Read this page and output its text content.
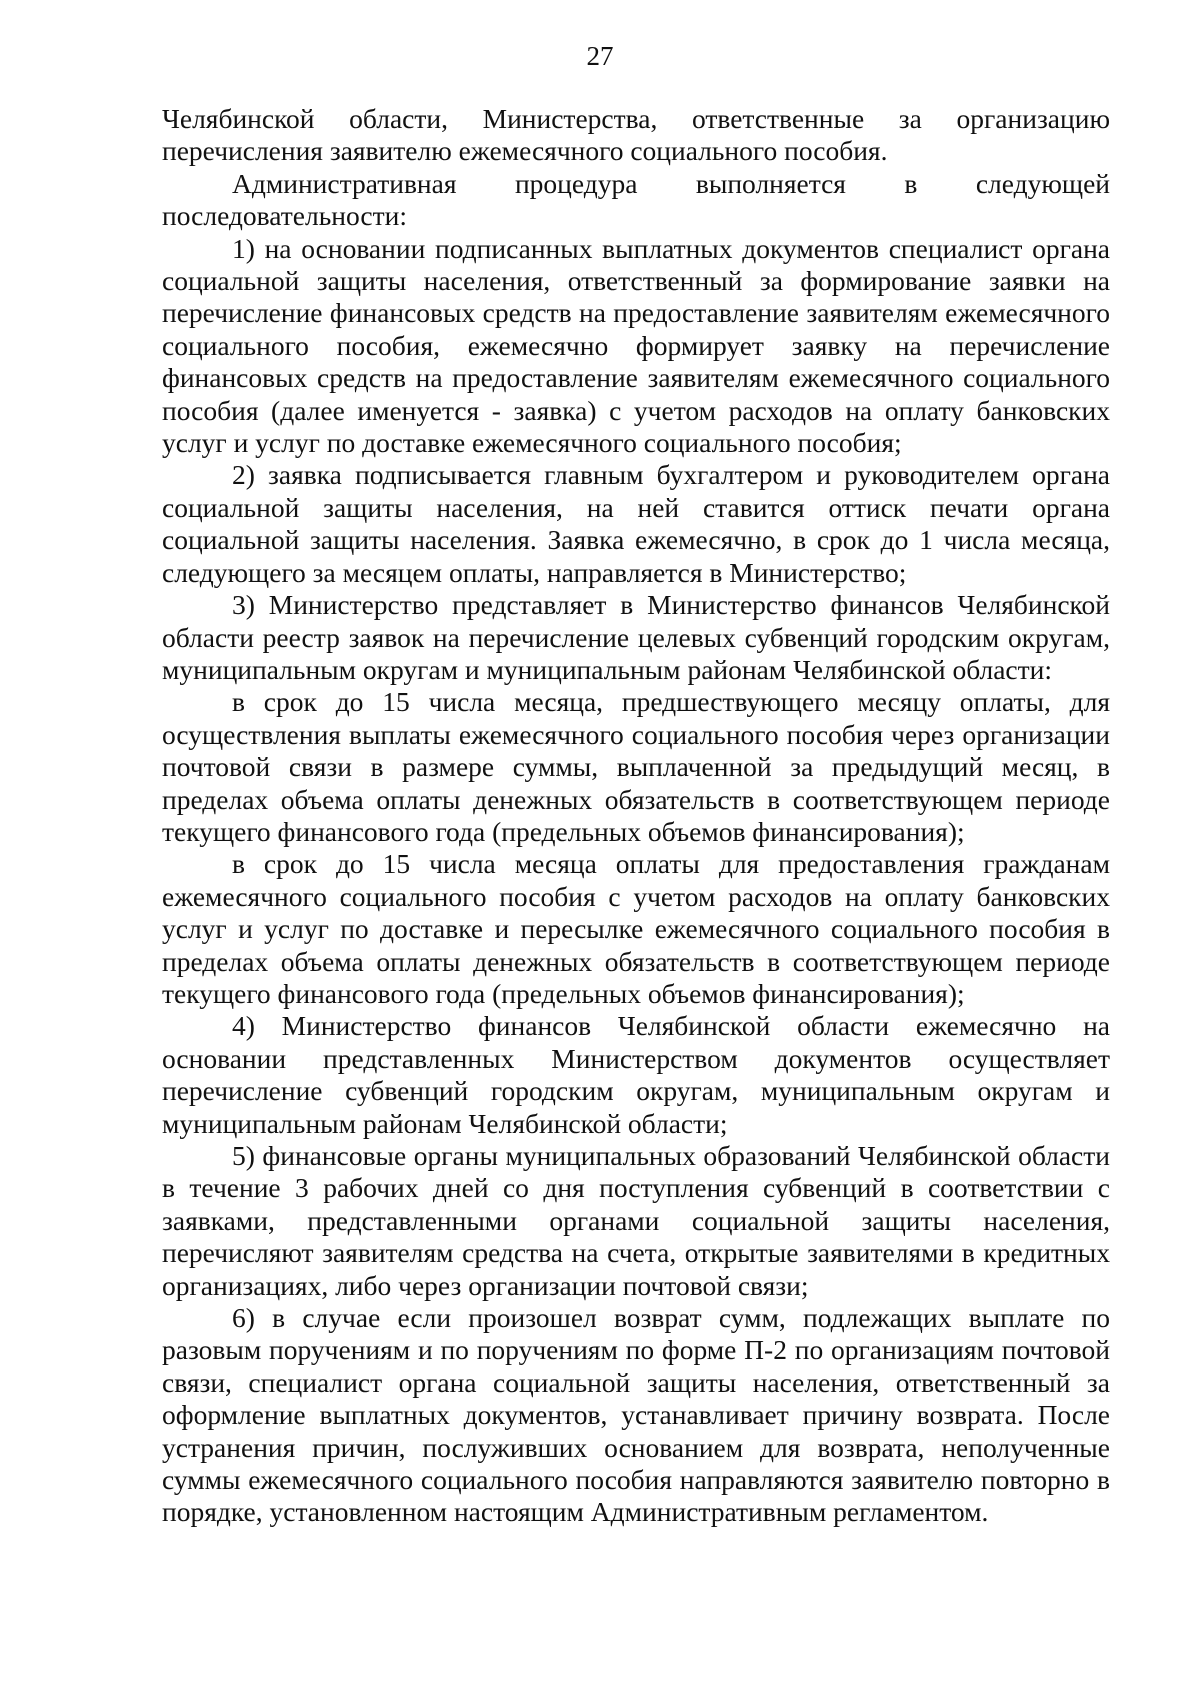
27

Челябинской области, Министерства, ответственные за организацию перечисления заявителю ежемесячного социального пособия.

Административная процедура выполняется в следующей последовательности:

1) на основании подписанных выплатных документов специалист органа социальной защиты населения, ответственный за формирование заявки на перечисление финансовых средств на предоставление заявителям ежемесячного социального пособия, ежемесячно формирует заявку на перечисление финансовых средств на предоставление заявителям ежемесячного социального пособия (далее именуется - заявка) с учетом расходов на оплату банковских услуг и услуг по доставке ежемесячного социального пособия;

2) заявка подписывается главным бухгалтером и руководителем органа социальной защиты населения, на ней ставится оттиск печати органа социальной защиты населения. Заявка ежемесячно, в срок до 1 числа месяца, следующего за месяцем оплаты, направляется в Министерство;

3) Министерство представляет в Министерство финансов Челябинской области реестр заявок на перечисление целевых субвенций городским округам, муниципальным округам и муниципальным районам Челябинской области:

в срок до 15 числа месяца, предшествующего месяцу оплаты, для осуществления выплаты ежемесячного социального пособия через организации почтовой связи в размере суммы, выплаченной за предыдущий месяц, в пределах объема оплаты денежных обязательств в соответствующем периоде текущего финансового года (предельных объемов финансирования);

в срок до 15 числа месяца оплаты для предоставления гражданам ежемесячного социального пособия с учетом расходов на оплату банковских услуг и услуг по доставке и пересылке ежемесячного социального пособия в пределах объема оплаты денежных обязательств в соответствующем периоде текущего финансового года (предельных объемов финансирования);

4) Министерство финансов Челябинской области ежемесячно на основании представленных Министерством документов осуществляет перечисление субвенций городским округам, муниципальным округам и муниципальным районам Челябинской области;

5) финансовые органы муниципальных образований Челябинской области в течение 3 рабочих дней со дня поступления субвенций в соответствии с заявками, представленными органами социальной защиты населения, перечисляют заявителям средства на счета, открытые заявителями в кредитных организациях, либо через организации почтовой связи;

6) в случае если произошел возврат сумм, подлежащих выплате по разовым поручениям и по поручениям по форме П-2 по организациям почтовой связи, специалист органа социальной защиты населения, ответственный за оформление выплатных документов, устанавливает причину возврата. После устранения причин, послуживших основанием для возврата, неполученные суммы ежемесячного социального пособия направляются заявителю повторно в порядке, установленном настоящим Административным регламентом.
